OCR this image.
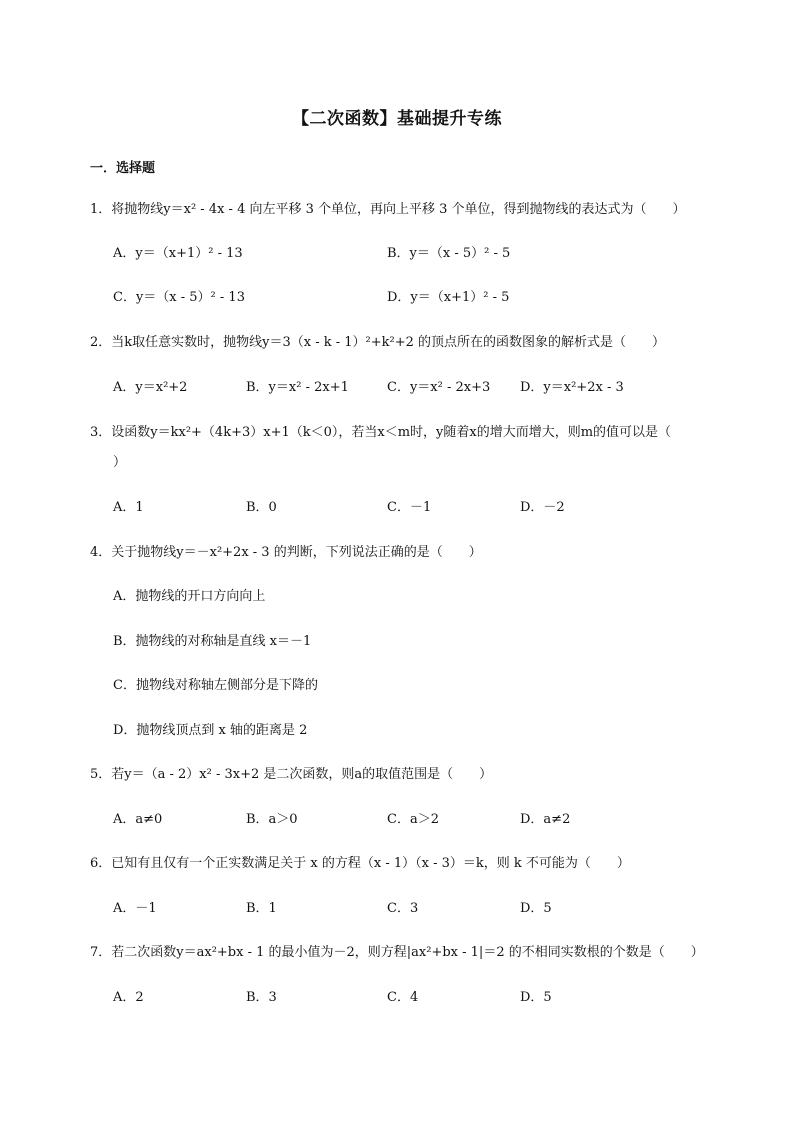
【二次函数】基础提升专练
一．选择题
1．将抛物线y＝x² - 4x - 4 向左平移 3 个单位，再向上平移 3 个单位，得到抛物线的表达式为（　　）
A．y＝（x+1）² - 13	B．y＝（x - 5）² - 5
C．y＝（x - 5）² - 13	D．y＝（x+1）² - 5
2．当k取任意实数时，抛物线y＝3（x - k - 1）²+k²+2 的顶点所在的函数图象的解析式是（　　）
A．y＝x²+2	B．y＝x² - 2x+1	C．y＝x² - 2x+3 D．y＝x²+2x - 3
3．设函数y＝kx²+（4k+3）x+1（k＜0），若当x＜m时，y随着x的增大而增大，则m的值可以是（
）
A．1	B．0	C．－1	D．－2
4．关于抛物线y＝－x²+2x - 3 的判断，下列说法正确的是（　　）
A．抛物线的开口方向向上
B．抛物线的对称轴是直线 x＝－1
C．抛物线对称轴左侧部分是下降的
D．抛物线顶点到 x 轴的距离是 2
5．若y＝（a - 2）x² - 3x+2 是二次函数，则a的取值范围是（　　）
A．a≠0	B．a＞0	C．a＞2	D．a≠2
6．已知有且仅有一个正实数满足关于 x 的方程（x - 1）（x - 3）＝k，则 k 不可能为（　　）
A．－1	B．1	C．3	D．5
7．若二次函数y＝ax²+bx - 1 的最小值为－2，则方程|ax²+bx - 1|＝2 的不相同实数根的个数是（　　）
A．2	B．3	C．4	D．5
